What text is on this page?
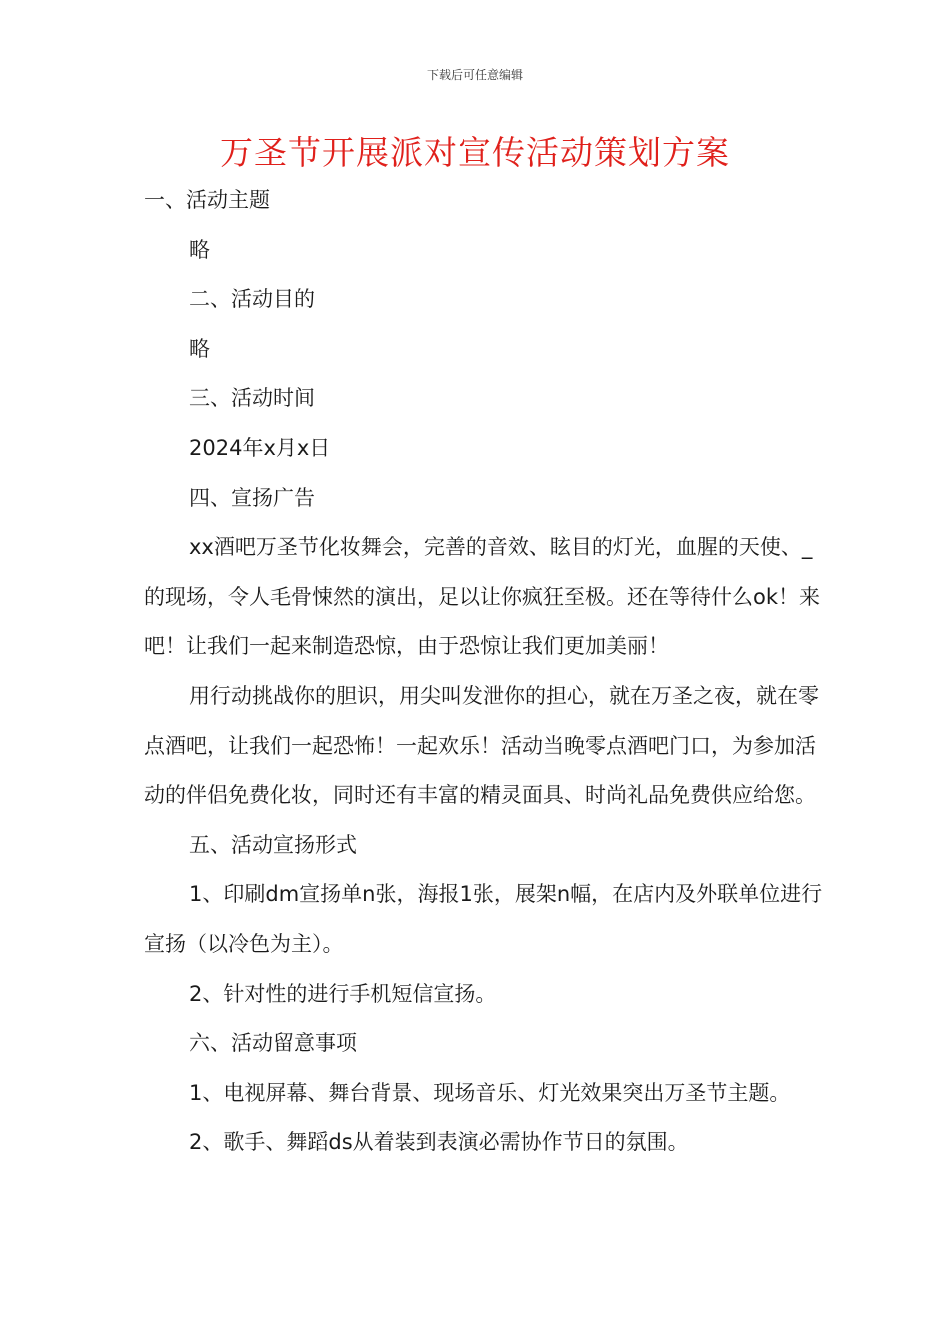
下载后可任意编辑
万圣节开展派对宣传活动策划方案

一、活动主题

略

二、活动目的

略

三、活动时间

2024年x月x日

四、宣扬广告

xx酒吧万圣节化妆舞会，完善的音效、眩目的灯光，血腥的天使、_的现场，令人毛骨悚然的演出，足以让你疯狂至极。还在等待什么ok！来吧！让我们一起来制造恐惊，由于恐惊让我们更加美丽！

用行动挑战你的胆识，用尖叫发泄你的担心，就在万圣之夜，就在零点酒吧，让我们一起恐怖！一起欢乐！活动当晚零点酒吧门口，为参加活动的伴侣免费化妆，同时还有丰富的精灵面具、时尚礼品免费供应给您。

五、活动宣扬形式

1、印刷dm宣扬单n张，海报1张，展架n幅，在店内及外联单位进行宣扬（以冷色为主）。

2、针对性的进行手机短信宣扬。

六、活动留意事项

1、电视屏幕、舞台背景、现场音乐、灯光效果突出万圣节主题。

2、歌手、舞蹈ds从着装到表演必需协作节日的氛围。
